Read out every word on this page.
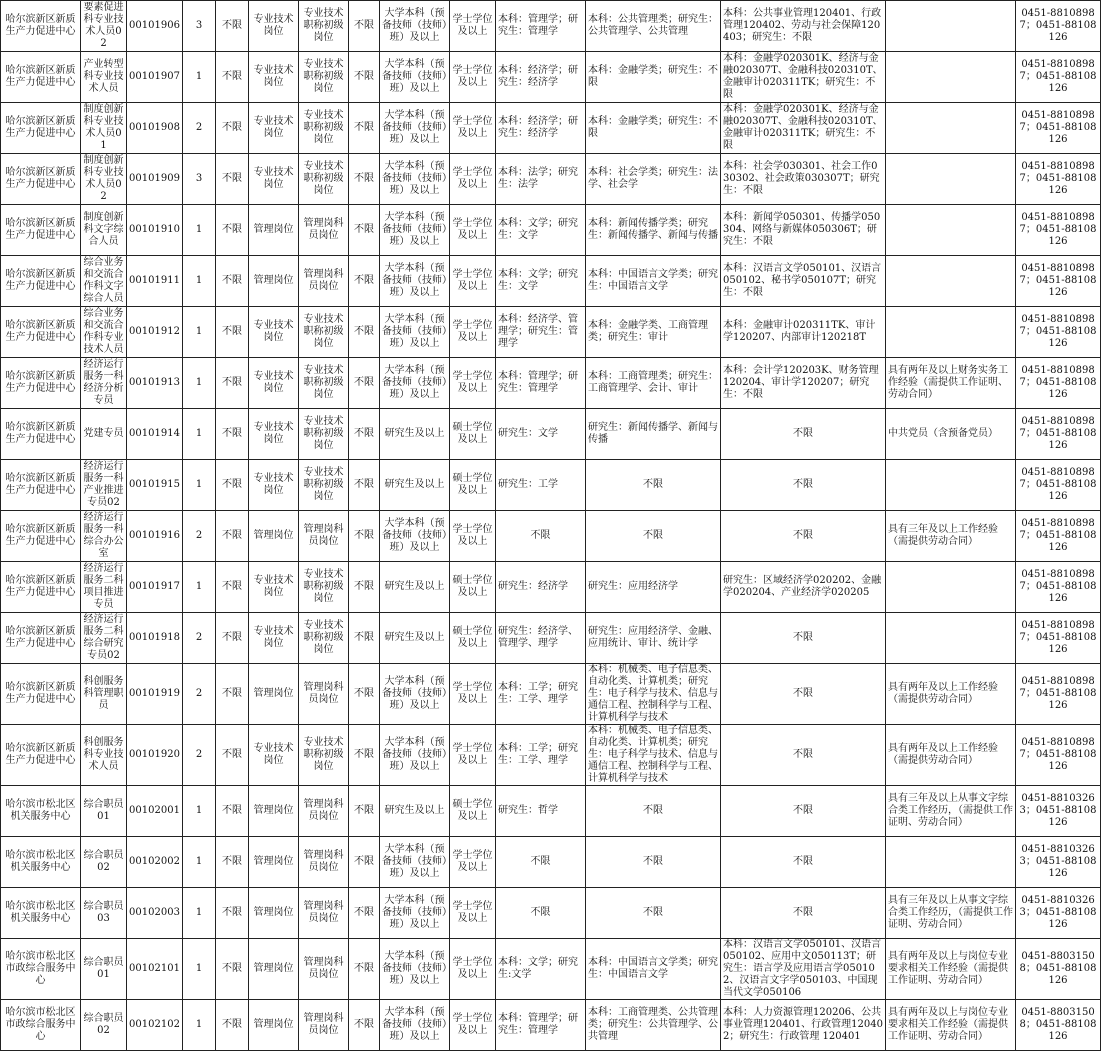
哈尔滨新区新质生产力促进中心	要素促进科专业技术人员02	00101906	3	不限	专业技术岗位	专业技术职称初级岗位	不限	大学本科（预备技师（技师）班）及以上	学士学位及以上	本科：管理学；研究生：管理学	本科：公共管理类；研究生：公共管理学、公共管理	本科：公共事业管理120401、行政管理120402、劳动与社会保障120403；研究生：不限		0451-88108987；0451-88108126
哈尔滨新区新质生产力促进中心	产业转型科专业技术人员	00101907	1	不限	专业技术岗位	专业技术职称初级岗位	不限	大学本科（预备技师（技师）班）及以上	学士学位及以上	本科：经济学；研究生：经济学	本科：金融学类；研究生：不限	本科：金融学020301K、经济与金融020307T、金融科技020310T、金融审计020311TK；研究生：不限		0451-88108987；0451-88108126
哈尔滨新区新质生产力促进中心	制度创新科专业技术人员01	00101908	2	不限	专业技术岗位	专业技术职称初级岗位	不限	大学本科（预备技师（技师）班）及以上	学士学位及以上	本科：经济学；研究生：经济学	本科：金融学类；研究生：不限	本科：金融学020301K、经济与金融020307T、金融科技020310T、金融审计020311TK；研究生：不限		0451-88108987；0451-88108126
哈尔滨新区新质生产力促进中心	制度创新科专业技术人员02	00101909	3	不限	专业技术岗位	专业技术职称初级岗位	不限	大学本科（预备技师（技师）班）及以上	学士学位及以上	本科：法学；研究生：法学	本科：社会学类；研究生：法学、社会学	本科：社会学030301、社会工作030302、社会政策030307T；研究生：不限		0451-88108987；0451-88108126
哈尔滨新区新质生产力促进中心	制度创新科文字综合人员	00101910	1	不限	管理岗位	管理岗科员岗位	不限	大学本科（预备技师（技师）班）及以上	学士学位及以上	本科：文学；研究生：文学	本科：新闻传播学类；研究生：新闻传播学、新闻与传播	本科：新闻学050301、传播学050304、网络与新媒体050306T；研究生：不限		0451-88108987；0451-88108126
哈尔滨新区新质生产力促进中心	综合业务和交流合作科文字综合人员	00101911	1	不限	管理岗位	管理岗科员岗位	不限	大学本科（预备技师（技师）班）及以上	学士学位及以上	本科：文学；研究生：文学	本科：中国语言文学类；研究生：中国语言文学	本科：汉语言文学050101、汉语言050102、秘书学050107T；研究生：不限		0451-88108987；0451-88108126
哈尔滨新区新质生产力促进中心	综合业务和交流合作科专业技术人员	00101912	1	不限	专业技术岗位	专业技术职称初级岗位	不限	大学本科（预备技师（技师）班）及以上	学士学位及以上	本科：经济学、管理学；研究生：管理学	本科：金融学类、工商管理类；研究生：审计	本科：金融审计020311TK、审计学120207、内部审计120218T		0451-88108987；0451-88108126
哈尔滨新区新质生产力促进中心	经济运行服务一科经济分析专员	00101913	1	不限	专业技术岗位	专业技术职称初级岗位	不限	大学本科（预备技师（技师）班）及以上	学士学位及以上	本科：管理学；研究生：管理学	本科：工商管理类；研究生：工商管理学、会计、审计	本科：会计学120203K、财务管理120204、审计学120207；研究生：不限	具有两年及以上财务实务工作经验（需提供工作证明、劳动合同）	0451-88108987；0451-88108126
哈尔滨新区新质生产力促进中心	党建专员	00101914	1	不限	专业技术岗位	专业技术职称初级岗位	不限	研究生及以上	硕士学位及以上	研究生：文学	研究生：新闻传播学、新闻与传播	不限	中共党员（含预备党员）	0451-88108987；0451-88108126
哈尔滨新区新质生产力促进中心	经济运行服务一科产业推进专员02	00101915	1	不限	专业技术岗位	专业技术职称初级岗位	不限	研究生及以上	硕士学位及以上	研究生：工学	不限	不限		0451-88108987；0451-88108126
哈尔滨新区新质生产力促进中心	经济运行服务一科综合办公室	00101916	2	不限	管理岗位	管理岗科员岗位	不限	大学本科（预备技师（技师）班）及以上	学士学位及以上	不限	不限	不限	具有三年及以上工作经验（需提供劳动合同）	0451-88108987；0451-88108126
哈尔滨新区新质生产力促进中心	经济运行服务二科项目推进专员	00101917	1	不限	专业技术岗位	专业技术职称初级岗位	不限	研究生及以上	硕士学位及以上	研究生：经济学	研究生：应用经济学	研究生：区域经济学020202、金融学020204、产业经济学020205		0451-88108987；0451-88108126
哈尔滨新区新质生产力促进中心	经济运行服务二科综合研究专员02	00101918	2	不限	专业技术岗位	专业技术职称初级岗位	不限	研究生及以上	硕士学位及以上	研究生：经济学、管理学、理学	研究生：应用经济学、金融、应用统计、审计、统计学	不限		0451-88108987；0451-88108126
哈尔滨新区新质生产力促进中心	科创服务科管理职员	00101919	2	不限	管理岗位	管理岗科员岗位	不限	大学本科（预备技师（技师）班）及以上	学士学位及以上	本科：工学；研究生：工学、理学	本科：机械类、电子信息类、自动化类、计算机类；研究生：电子科学与技术、信息与通信工程、控制科学与工程、计算机科学与技术	不限	具有两年及以上工作经验（需提供劳动合同）	0451-88108987；0451-88108126
哈尔滨新区新质生产力促进中心	科创服务科专业技术人员	00101920	2	不限	专业技术岗位	专业技术职称初级岗位	不限	大学本科（预备技师（技师）班）及以上	学士学位及以上	本科：工学；研究生：工学、理学	本科：机械类、电子信息类、自动化类、计算机类；研究生：电子科学与技术、信息与通信工程、控制科学与工程、计算机科学与技术	不限	具有两年及以上工作经验（需提供劳动合同）	0451-88108987；0451-88108126
哈尔滨市松北区机关服务中心	综合职员01	00102001	1	不限	管理岗位	管理岗科员岗位	不限	研究生及以上	硕士学位及以上	研究生：哲学	不限	不限	具有三年及以上从事文字综合类工作经历，（需提供工作证明、劳动合同）	0451-88103263；0451-88108126
哈尔滨市松北区机关服务中心	综合职员02	00102002	1	不限	管理岗位	管理岗科员岗位	不限	大学本科（预备技师（技师）班）及以上	学士学位及以上	不限	不限	不限		0451-88103263；0451-88108126
哈尔滨市松北区机关服务中心	综合职员03	00102003	1	不限	管理岗位	管理岗科员岗位	不限	大学本科（预备技师（技师）班）及以上	学士学位及以上	不限	不限	不限	具有三年及以上从事文字综合类工作经历，（需提供工作证明、劳动合同）	0451-88103263；0451-88108126
哈尔滨市松北区市政综合服务中心	综合职员01	00102101	1	不限	管理岗位	管理岗科员岗位	不限	大学本科（预备技师（技师）班）及以上	学士学位及以上	本科：文学；研究生:文学	本科：中国语言文学类；研究生：中国语言文学	本科：汉语言文学050101、汉语言050102、应用中文050113T；研究生：语言学及应用语言学050102、汉语言文字学050103、中国现当代文学050106	具有两年及以上与岗位专业要求相关工作经验（需提供工作证明、劳动合同）	0451-88031508；0451-88108126
哈尔滨市松北区市政综合服务中心	综合职员02	00102102	1	不限	管理岗位	管理岗科员岗位	不限	大学本科（预备技师（技师）班）及以上	学士学位及以上	本科：管理学；研究生：管理学	本科：工商管理类、公共管理类；研究生：公共管理学、公共管理	本科：人力资源管理120206、公共事业管理120401、行政管理120402；研究生：行政管理 120401	具有两年及以上与岗位专业要求相关工作经验（需提供工作证明、劳动合同）	0451-88031508；0451-88108126
